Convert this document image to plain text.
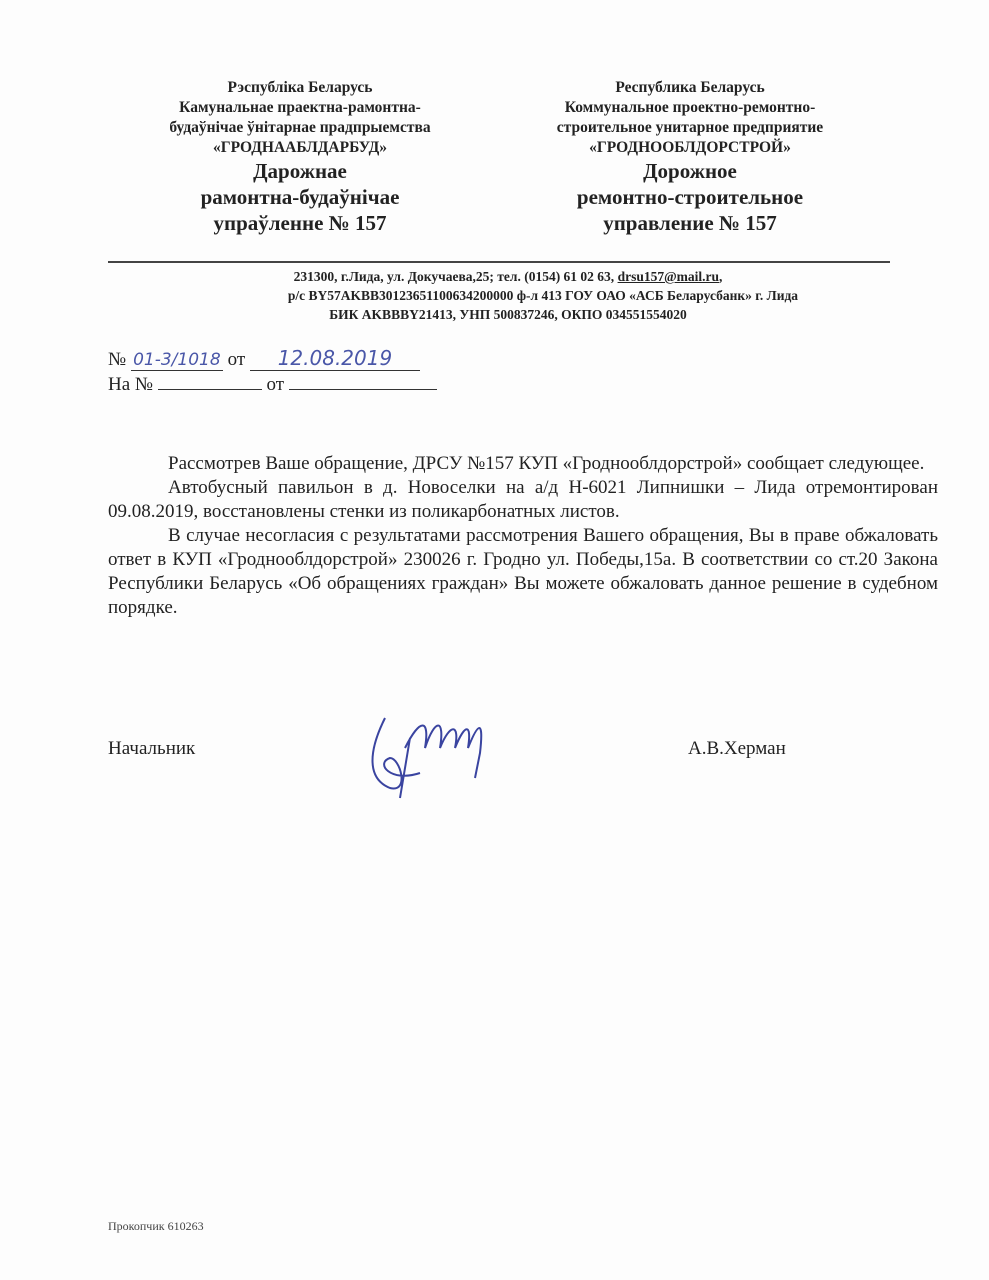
Рэспубліка Беларусь
Камунальнае праектна-рамонтна-
будаўнічае ўнітарнае прадпрыемства
«ГРОДНААБЛДАРБУД»
Дарожнае
рамонтна-будаўнічае
упраўленне № 157
Республика Беларусь
Коммунальное проектно-ремонтно-
строительное унитарное предприятие
«ГРОДНООБЛДОРСТРОЙ»
Дорожное
ремонтно-строительное
управление № 157
231300, г.Лида, ул. Докучаева,25; тел. (0154) 61 02 63, drsu157@mail.ru,
р/с BY57AKBB30123651100634200000 ф-л 413 ГОУ ОАО «АСБ Беларусбанк» г. Лида
БИК AKBBBY21413, УНП 500837246, ОКПО 034551554020
№ 01-3/1018 от 12.08.2019
На №	от

Рассмотрев Ваше обращение, ДРСУ №157 КУП «Гроднооблдорстрой» сообщает следующее.

Автобусный павильон в д. Новоселки на а/д Н-6021 Липнишки – Лида отремонтирован 09.08.2019, восстановлены стенки из поликарбонатных листов.

В случае несогласия с результатами рассмотрения Вашего обращения, Вы в праве обжаловать ответ в КУП «Гроднооблдорстрой» 230026 г. Гродно ул. Победы,15а. В соответствии со ст.20 Закона Республики Беларусь «Об обращениях граждан» Вы можете обжаловать данное решение в судебном порядке.

Начальник	А.В.Херман
Прокопчик 610263
